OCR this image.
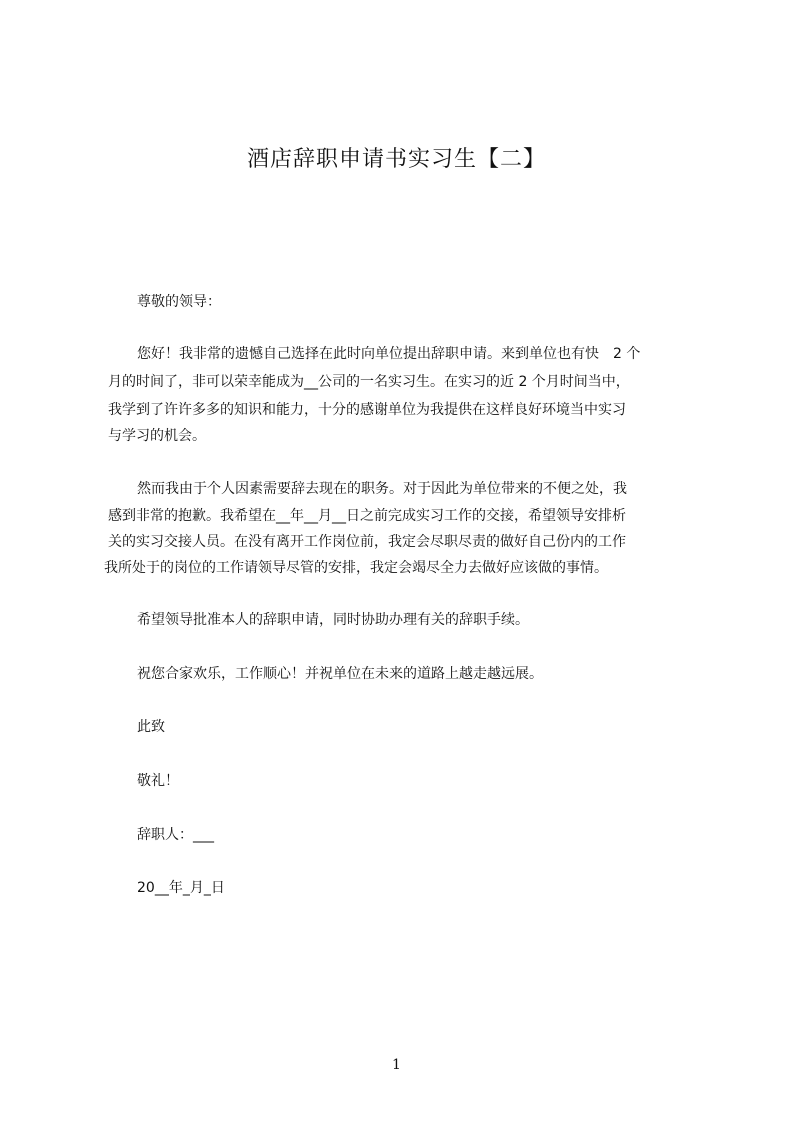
酒店辞职申请书实习生【二】
尊敬的领导：
您好！我非常的遗憾自己选择在此时向单位提出辞职申请。来到单位也有快　2 个
月的时间了，非可以荣幸能成为__公司的一名实习生。在实习的近 2 个月时间当中，
我学到了许许多多的知识和能力，十分的感谢单位为我提供在这样良好环境当中实习
与学习的机会。
然而我由于个人因素需要辞去现在的职务。对于因此为单位带来的不便之处，我
感到非常的抱歉。我希望在__年__月__日之前完成实习工作的交接，希望领导安排析
关的实习交接人员。在没有离开工作岗位前，我定会尽职尽责的做好自己份内的工作
我所处于的岗位的工作请领导尽管的安排，我定会竭尽全力去做好应该做的事情。
希望领导批准本人的辞职申请，同时协助办理有关的辞职手续。
祝您合家欢乐，工作顺心！并祝单位在未来的道路上越走越远展。
此致
敬礼！
辞职人：___
20__年_月_日
1
